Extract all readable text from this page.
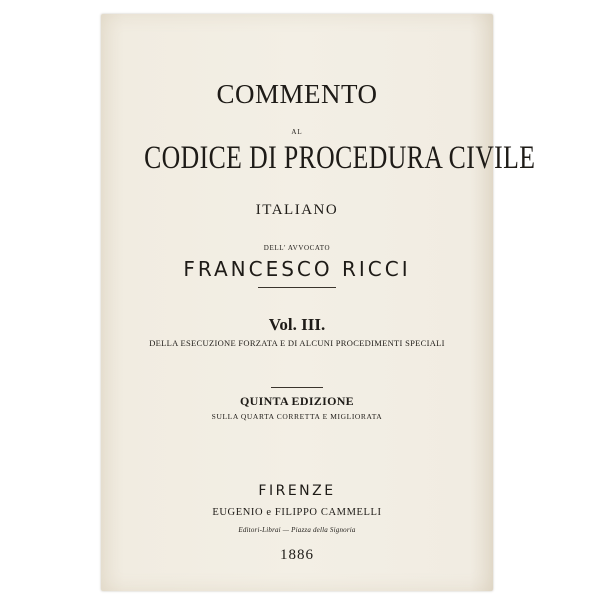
COMMENTO
AL
CODICE DI PROCEDURA CIVILE
ITALIANO
DELL' AVVOCATO
FRANCESCO RICCI
Vol. III.
DELLA ESECUZIONE FORZATA E DI ALCUNI PROCEDIMENTI SPECIALI
QUINTA EDIZIONE
SULLA QUARTA CORRETTA E MIGLIORATA
FIRENZE
EUGENIO e FILIPPO CAMMELLI
Editori-Librai — Piazza della Signoria
1886
